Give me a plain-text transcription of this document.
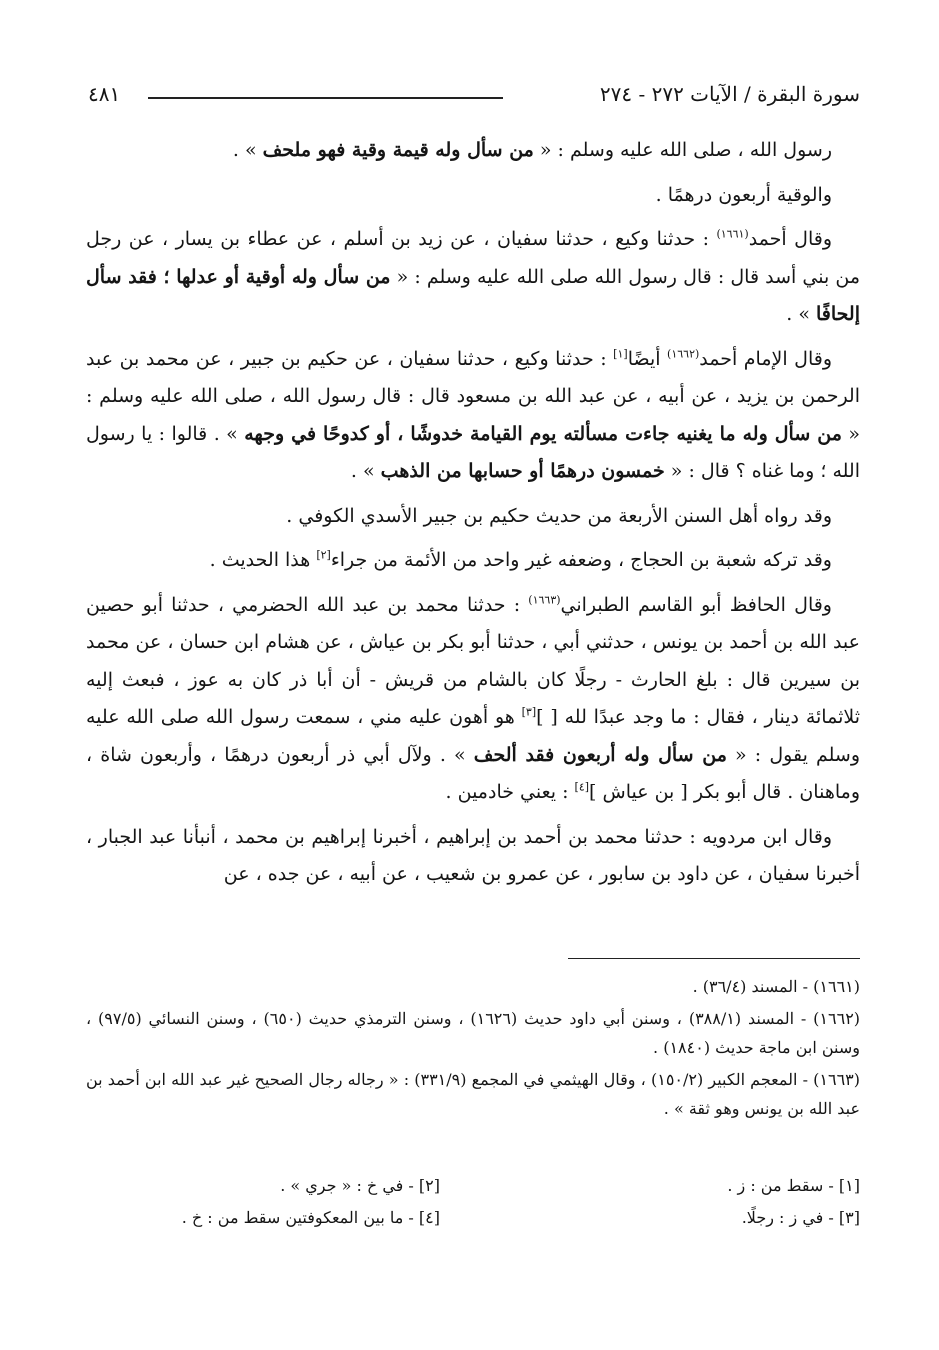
سورة البقرة / الآيات ٢٧٢ - ٢٧٤
٤٨١

رسول الله ، صلى الله عليه وسلم : « من سأل وله قيمة وقية فهو ملحف » .

والوقية أربعون درهمًا .

وقال أحمد$^{(١٦٦١)}$ : حدثنا وكيع ، حدثنا سفيان ، عن زيد بن أسلم ، عن عطاء بن يسار ، عن رجل من بني أسد قال : قال رسول الله صلى الله عليه وسلم : « من سأل وله أوقية أو عدلها ؛ فقد سأل إلحافًا » .

وقال الإمام أحمد$^{(١٦٦٢)}$ أيضًا[١] : حدثنا وكيع ، حدثنا سفيان ، عن حكيم بن جبير ، عن محمد بن عبد الرحمن بن يزيد ، عن أبيه ، عن عبد الله بن مسعود قال : قال رسول الله ، صلى الله عليه وسلم : « من سأل وله ما يغنيه جاءت مسألته يوم القيامة خدوشًا ، أو كدوحًا في وجهه » . قالوا : يا رسول الله ؛ وما غناه ؟ قال : « خمسون درهمًا أو حسابها من الذهب » .

وقد رواه أهل السنن الأربعة من حديث حكيم بن جبير الأسدي الكوفي .

وقد تركه شعبة بن الحجاج ، وضعفه غير واحد من الأئمة من جراء[٢] هذا الحديث .

وقال الحافظ أبو القاسم الطبراني$^{(١٦٦٣)}$ : حدثنا محمد بن عبد الله الحضرمي ، حدثنا أبو حصين عبد الله بن أحمد بن يونس ، حدثني أبي ، حدثنا أبو بكر بن عياش ، عن هشام ابن حسان ، عن محمد بن سيرين قال : بلغ الحارث - رجلًا كان بالشام من قريش - أن أبا ذر كان به عوز ، فبعث إليه ثلاثمائة دينار ، فقال : ما وجد عبدًا لله [ ][٣] هو أهون عليه مني ، سمعت رسول الله صلى الله عليه وسلم يقول : « من سأل وله أربعون فقد ألحف » . ولآل أبي ذر أربعون درهمًا ، وأربعون شاة ، وماهنان . قال أبو بكر [ بن عياش ][٤] : يعني خادمين .

وقال ابن مردويه : حدثنا محمد بن أحمد بن إبراهيم ، أخبرنا إبراهيم بن محمد ، أنبأنا عبد الجبار ، أخبرنا سفيان ، عن داود بن سابور ، عن عمرو بن شعيب ، عن أبيه ، عن جده ، عن

(١٦٦١) - المسند (٣٦/٤) .

(١٦٦٢) - المسند (٣٨٨/١) ، وسنن أبي داود حديث (١٦٢٦) ، وسنن الترمذي حديث (٦٥٠) ، وسنن النسائي (٩٧/٥) ، وسنن ابن ماجة حديث (١٨٤٠) .

(١٦٦٣) - المعجم الكبير (١٥٠/٢) ، وقال الهيثمي في المجمع (٣٣١/٩) : « رجاله رجال الصحيح غير عبد الله ابن أحمد بن عبد الله بن يونس وهو ثقة » .

[١] - سقط من : ز .
[٣] - في ز : رجلًا.
[٢] - في خ : « جري » .
[٤] - ما بين المعكوفتين سقط من : خ .
